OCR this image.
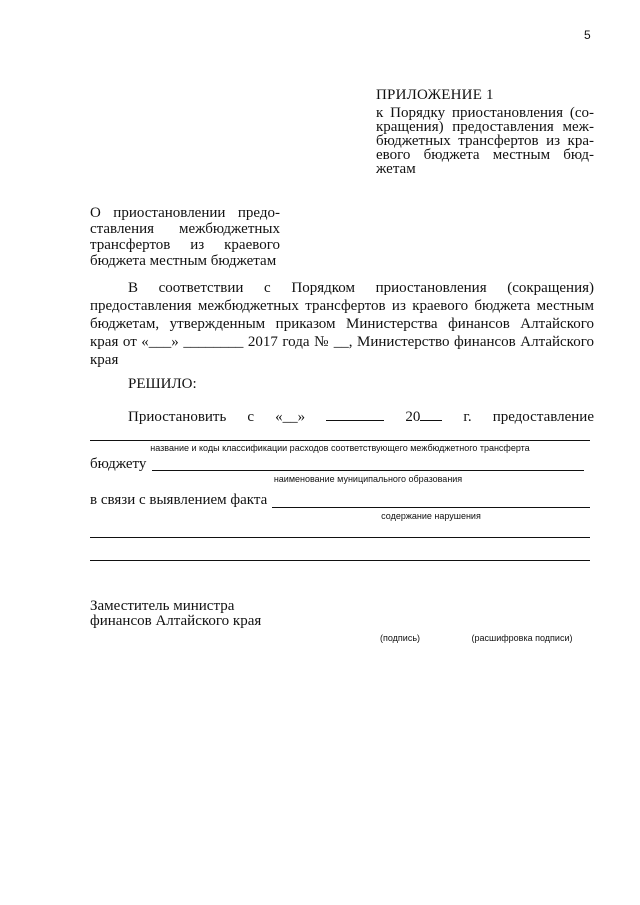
5
ПРИЛОЖЕНИЕ 1
к Порядку приостановления (со-
кращения) предоставления меж-
бюджетных трансфертов из кра-
евого бюджета местным бюд-
жетам
О приостановлении предо-
ставления межбюджетных
трансфертов из краевого
бюджета местным бюджетам
В соответствии с Порядком приостановления (сокращения)
предоставления межбюджетных трансфертов из краевого бюджета местным
бюджетам, утвержденным приказом Министерства финансов Алтайского
края от «___» ________ 2017 года № __, Министерство финансов Алтайского
края
РЕШИЛО:
Приостановить с «__»	20	г. предоставление
название и коды классификации расходов соответствующего межбюджетного трансферта
бюджету
наименование муниципального образования
в связи с выявлением факта
содержание нарушения
Заместитель министра
финансов Алтайского края
(подпись)	(расшифровка подписи)
